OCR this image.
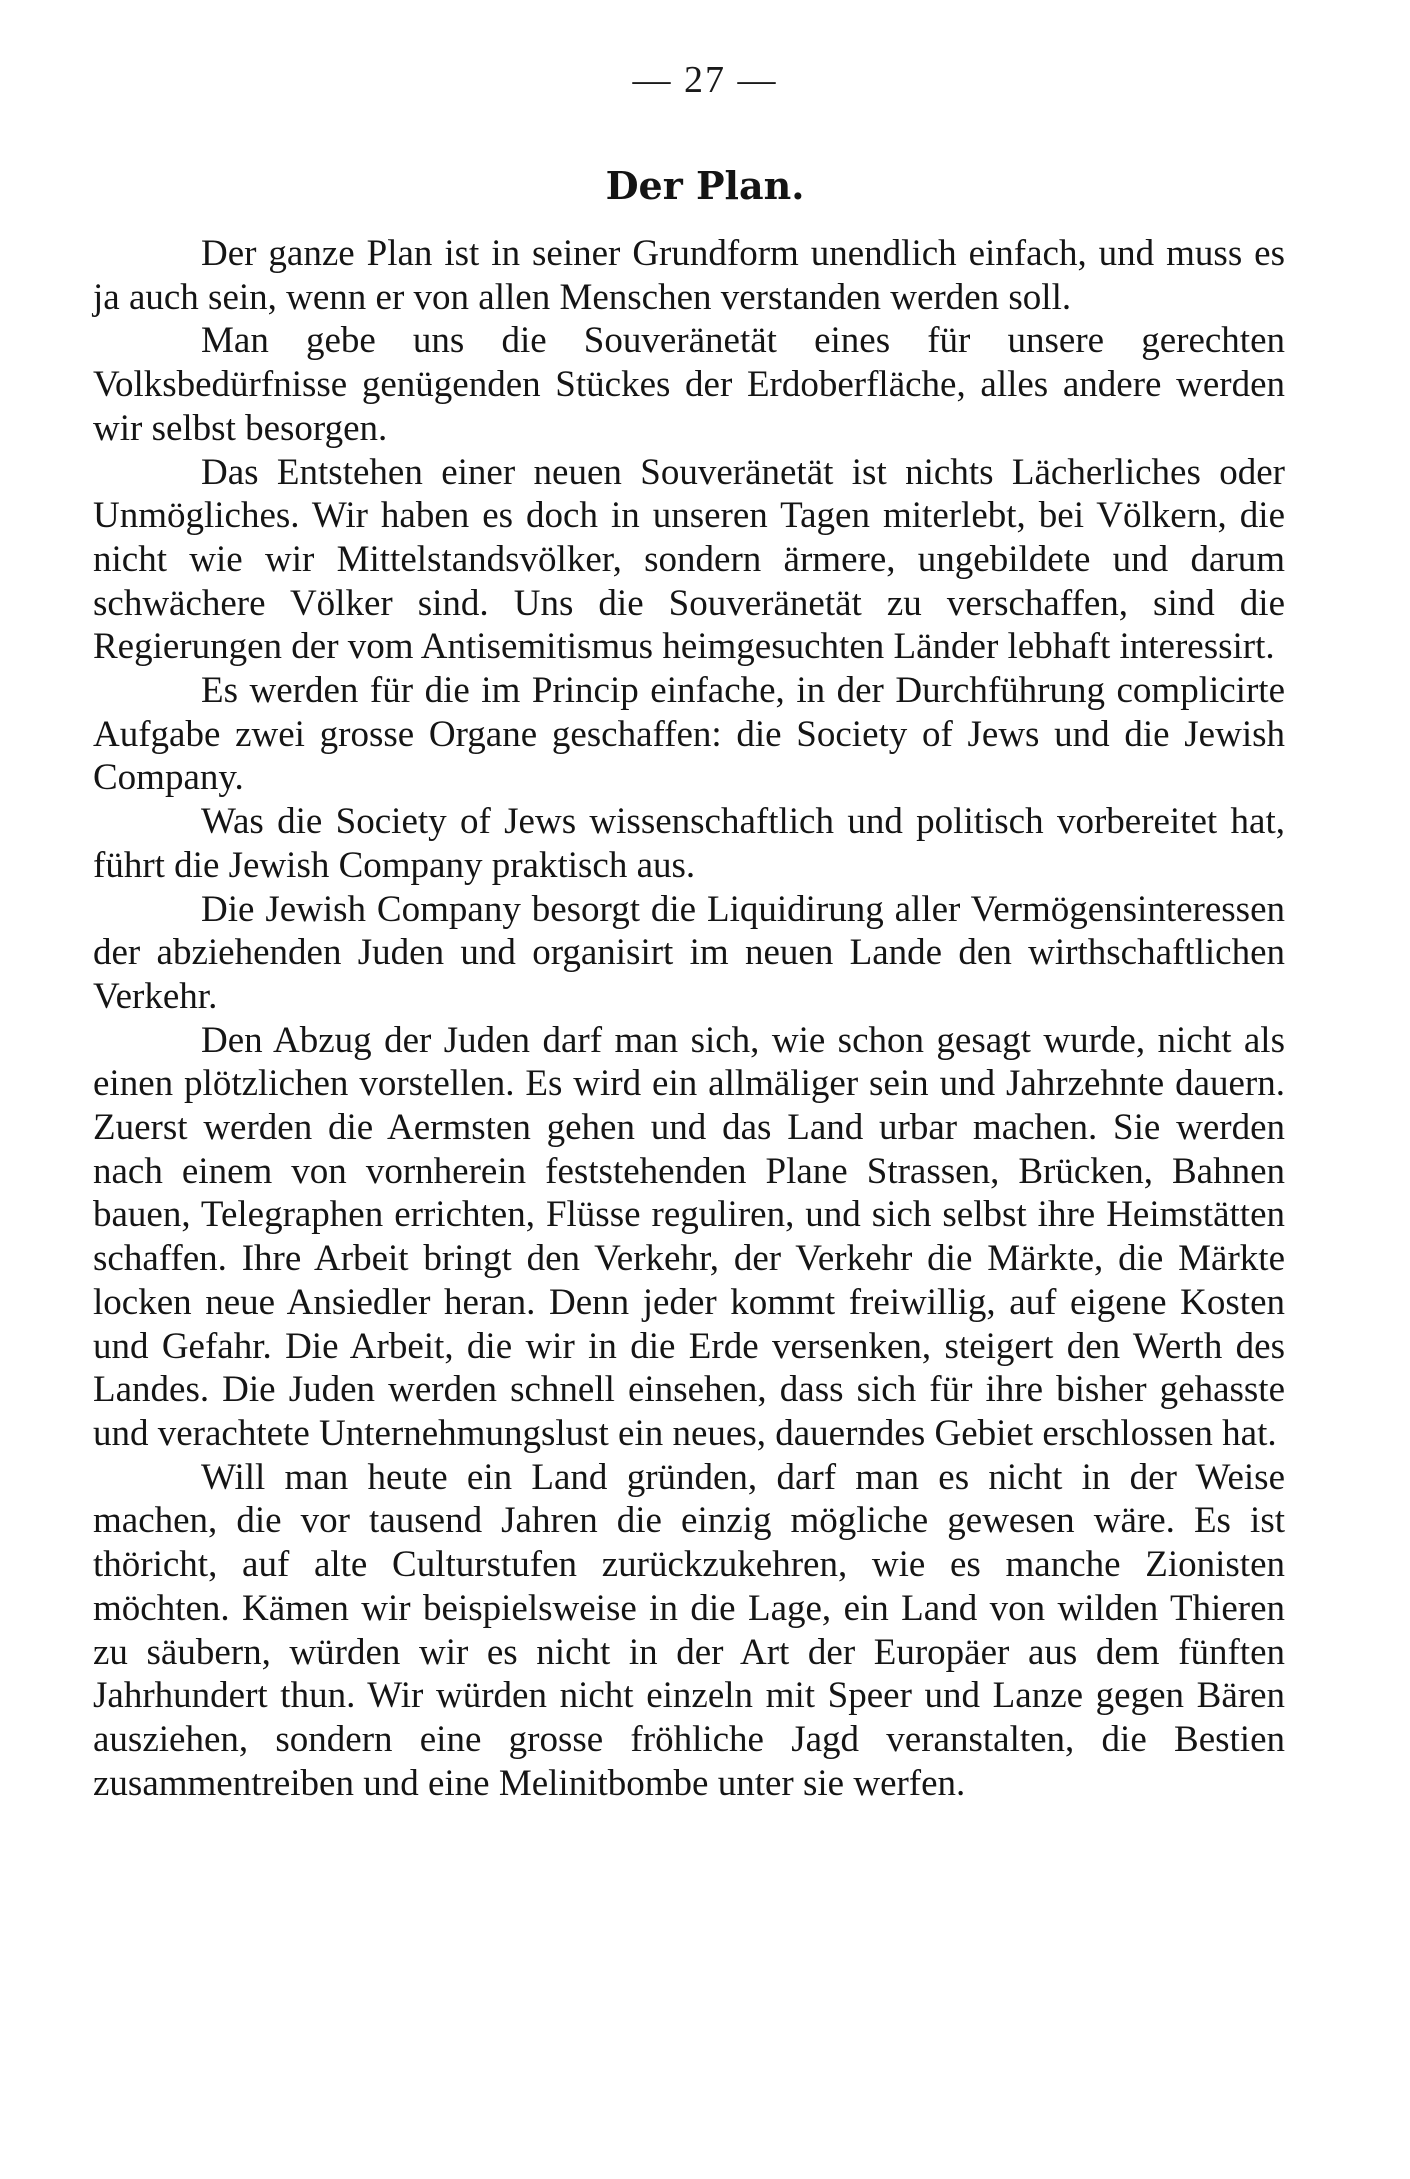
— 27 —
Der Plan.

Der ganze Plan ist in seiner Grundform unendlich einfach, und muss es ja auch sein, wenn er von allen Menschen verstanden werden soll.

Man gebe uns die Souveränetät eines für unsere gerechten Volksbedürfnisse genügenden Stückes der Erdoberfläche, alles andere werden wir selbst besorgen.

Das Entstehen einer neuen Souveränetät ist nichts Lächerliches oder Unmögliches. Wir haben es doch in unseren Tagen miterlebt, bei Völkern, die nicht wie wir Mittelstandsvölker, sondern ärmere, ungebildete und darum schwächere Völker sind. Uns die Souveränetät zu verschaffen, sind die Regierungen der vom Antisemitismus heimgesuchten Länder lebhaft interessirt.

Es werden für die im Princip einfache, in der Durchführung complicirte Aufgabe zwei grosse Organe geschaffen: die Society of Jews und die Jewish Company.

Was die Society of Jews wissenschaftlich und politisch vorbereitet hat, führt die Jewish Company praktisch aus.

Die Jewish Company besorgt die Liquidirung aller Vermögensinteressen der abziehenden Juden und organisirt im neuen Lande den wirthschaftlichen Verkehr.

Den Abzug der Juden darf man sich, wie schon gesagt wurde, nicht als einen plötzlichen vorstellen. Es wird ein allmäliger sein und Jahrzehnte dauern. Zuerst werden die Aermsten gehen und das Land urbar machen. Sie werden nach einem von vornherein feststehenden Plane Strassen, Brücken, Bahnen bauen, Telegraphen errichten, Flüsse reguliren, und sich selbst ihre Heimstätten schaffen. Ihre Arbeit bringt den Verkehr, der Verkehr die Märkte, die Märkte locken neue Ansiedler heran. Denn jeder kommt freiwillig, auf eigene Kosten und Gefahr. Die Arbeit, die wir in die Erde versenken, steigert den Werth des Landes. Die Juden werden schnell einsehen, dass sich für ihre bisher gehasste und verachtete Unternehmungslust ein neues, dauerndes Gebiet erschlossen hat.

Will man heute ein Land gründen, darf man es nicht in der Weise machen, die vor tausend Jahren die einzig mögliche gewesen wäre. Es ist thöricht, auf alte Culturstufen zurückzukehren, wie es manche Zionisten möchten. Kämen wir beispielsweise in die Lage, ein Land von wilden Thieren zu säubern, würden wir es nicht in der Art der Europäer aus dem fünften Jahrhundert thun. Wir würden nicht einzeln mit Speer und Lanze gegen Bären ausziehen, sondern eine grosse fröhliche Jagd veranstalten, die Bestien zusammentreiben und eine Melinitbombe unter sie werfen.
